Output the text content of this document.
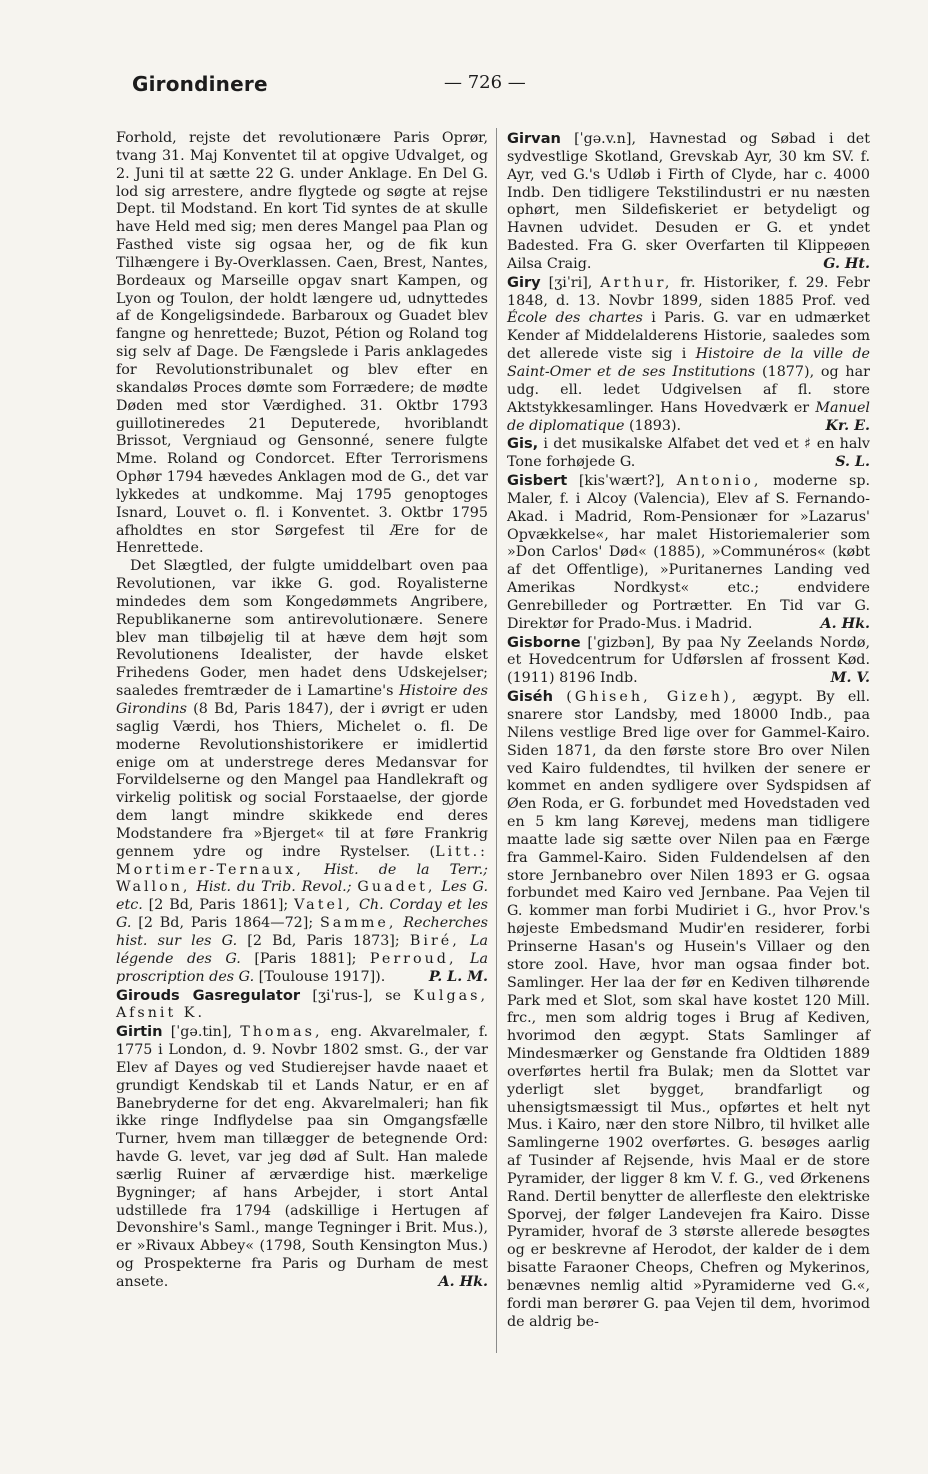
Girondinere	— 726 —

Forhold, rejste det revolutionære Paris Oprør, tvang 31. Maj Konventet til at opgive Udvalget, og 2. Juni til at sætte 22 G. under Anklage. En Del G. lod sig arrestere, andre flygtede og søgte at rejse Dept. til Modstand. En kort Tid syntes de at skulle have Held med sig; men deres Mangel paa Plan og Fasthed viste sig ogsaa her, og de fik kun Tilhængere i By-Overklassen. Caen, Brest, Nantes, Bordeaux og Marseille opgav snart Kampen, og Lyon og Toulon, der holdt længere ud, udnyttedes af de Kongeligsindede. Barbaroux og Guadet blev fangne og henrettede; Buzot, Pétion og Roland tog sig selv af Dage. De Fængslede i Paris anklagedes for Revolutionstribunalet og blev efter en skandaløs Proces dømte som Forrædere; de mødte Døden med stor Værdighed. 31. Oktbr 1793 guillotineredes 21 Deputerede, hvoriblandt Brissot, Vergniaud og Gensonné, senere fulgte Mme. Roland og Condorcet. Efter Terrorismens Ophør 1794 hævedes Anklagen mod de G., det var lykkedes at undkomme. Maj 1795 genoptoges Isnard, Louvet o. fl. i Konventet. 3. Oktbr 1795 afholdtes en stor Sørgefest til Ære for de Henrettede.

Det Slægtled, der fulgte umiddelbart oven paa Revolutionen, var ikke G. god. Royalisterne mindedes dem som Kongedømmets Angribere, Republikanerne som antirevolutionære. Senere blev man tilbøjelig til at hæve dem højt som Revolutionens Idealister, der havde elsket Frihedens Goder, men hadet dens Udskejelser; saaledes fremtræder de i Lamartine's Histoire des Girondins (8 Bd, Paris 1847), der i øvrigt er uden saglig Værdi, hos Thiers, Michelet o. fl. De moderne Revolutionshistorikere er imidlertid enige om at understrege deres Medansvar for Forvildelserne og den Mangel paa Handlekraft og virkelig politisk og social Forstaaelse, der gjorde dem langt mindre skikkede end deres Modstandere fra »Bjerget« til at føre Frankrig gennem ydre og indre Rystelser. (Litt.: Mortimer-Ternaux, Hist. de la Terr.; Wallon, Hist. du Trib. Revol.; Guadet, Les G. etc. [2 Bd, Paris 1861]; Vatel, Ch. Corday et les G. [2 Bd, Paris 1864—72]; Samme, Recherches hist. sur les G. [2 Bd, Paris 1873]; Biré, La légende des G. [Paris 1881]; Perroud, La proscription des G. [Toulouse 1917]).	P. L. M.

Girouds Gasregulator [ʒiˈrus-], se Kulgas, Afsnit K.

Girtin [ˈgə.tin], Thomas, eng. Akvarelmaler, f. 1775 i London, d. 9. Novbr 1802 smst. G., der var Elev af Dayes og ved Studierejser havde naaet et grundigt Kendskab til et Lands Natur, er en af Banebryderne for det eng. Akvarelmaleri; han fik ikke ringe Indflydelse paa sin Omgangsfælle Turner, hvem man tillægger de betegnende Ord: havde G. levet, var jeg død af Sult. Han malede særlig Ruiner af ærværdige hist. mærkelige Bygninger; af hans Arbejder, i stort Antal udstillede fra 1794 (adskillige i Hertugen af Devonshire's Saml., mange Tegninger i Brit. Mus.), er »Rivaux Abbey« (1798, South Kensington Mus.) og Prospekterne fra Paris og Durham de mest ansete.	A. Hk.

Girvan [ˈgə.v.n], Havnestad og Søbad i det sydvestlige Skotland, Grevskab Ayr, 30 km SV. f. Ayr, ved G.'s Udløb i Firth of Clyde, har c. 4000 Indb. Den tidligere Tekstilindustri er nu næsten ophørt, men Sildefiskeriet er betydeligt og Havnen udvidet. Desuden er G. et yndet Badested. Fra G. sker Overfarten til Klippeøen Ailsa Craig.	G. Ht.

Giry [ʒiˈri], Arthur, fr. Historiker, f. 29. Febr 1848, d. 13. Novbr 1899, siden 1885 Prof. ved École des chartes i Paris. G. var en udmærket Kender af Middelalderens Historie, saaledes som det allerede viste sig i Histoire de la ville de Saint-Omer et de ses Institutions (1877), og har udg. ell. ledet Udgivelsen af fl. store Aktstykkesamlinger. Hans Hovedværk er Manuel de diplomatique (1893).	Kr. E.

Gis, i det musikalske Alfabet det ved et ♯ en halv Tone forhøjede G.	S. L.

Gisbert [kisˈwært?], Antonio, moderne sp. Maler, f. i Alcoy (Valencia), Elev af S. Fernando-Akad. i Madrid, Rom-Pensionær for »Lazarus' Opvækkelse«, har malet Historiemalerier som »Don Carlos' Død« (1885), »Communéros« (købt af det Offentlige), »Puritanernes Landing ved Amerikas Nordkyst« etc.; endvidere Genrebilleder og Portrætter. En Tid var G. Direktør for Prado-Mus. i Madrid.	A. Hk.

Gisborne [ˈgizbən], By paa Ny Zeelands Nordø, et Hovedcentrum for Udførslen af frossent Kød. (1911) 8196 Indb.	M. V.

Giséh (Ghiseh, Gizeh), ægypt. By ell. snarere stor Landsby, med 18000 Indb., paa Nilens vestlige Bred lige over for Gammel-Kairo. Siden 1871, da den første store Bro over Nilen ved Kairo fuldendtes, til hvilken der senere er kommet en anden sydligere over Sydspidsen af Øen Roda, er G. forbundet med Hovedstaden ved en 5 km lang Kørevej, medens man tidligere maatte lade sig sætte over Nilen paa en Færge fra Gammel-Kairo. Siden Fuldendelsen af den store Jernbanebro over Nilen 1893 er G. ogsaa forbundet med Kairo ved Jernbane. Paa Vejen til G. kommer man forbi Mudiriet i G., hvor Prov.'s højeste Embedsmand Mudir'en residerer, forbi Prinserne Hasan's og Husein's Villaer og den store zool. Have, hvor man ogsaa finder bot. Samlinger. Her laa der før en Kediven tilhørende Park med et Slot, som skal have kostet 120 Mill. frc., men som aldrig toges i Brug af Kediven, hvorimod den ægypt. Stats Samlinger af Mindesmærker og Genstande fra Oldtiden 1889 overførtes hertil fra Bulak; men da Slottet var yderligt slet bygget, brandfarligt og uhensigtsmæssigt til Mus., opførtes et helt nyt Mus. i Kairo, nær den store Nilbro, til hvilket alle Samlingerne 1902 overførtes. G. besøges aarlig af Tusinder af Rejsende, hvis Maal er de store Pyramider, der ligger 8 km V. f. G., ved Ørkenens Rand. Dertil benytter de allerfleste den elektriske Sporvej, der følger Landevejen fra Kairo. Disse Pyramider, hvoraf de 3 største allerede besøgtes og er beskrevne af Herodot, der kalder de i dem bisatte Faraoner Cheops, Chefren og Mykerinos, benævnes nemlig altid »Pyramiderne ved G.«, fordi man berører G. paa Vejen til dem, hvorimod de aldrig be-
